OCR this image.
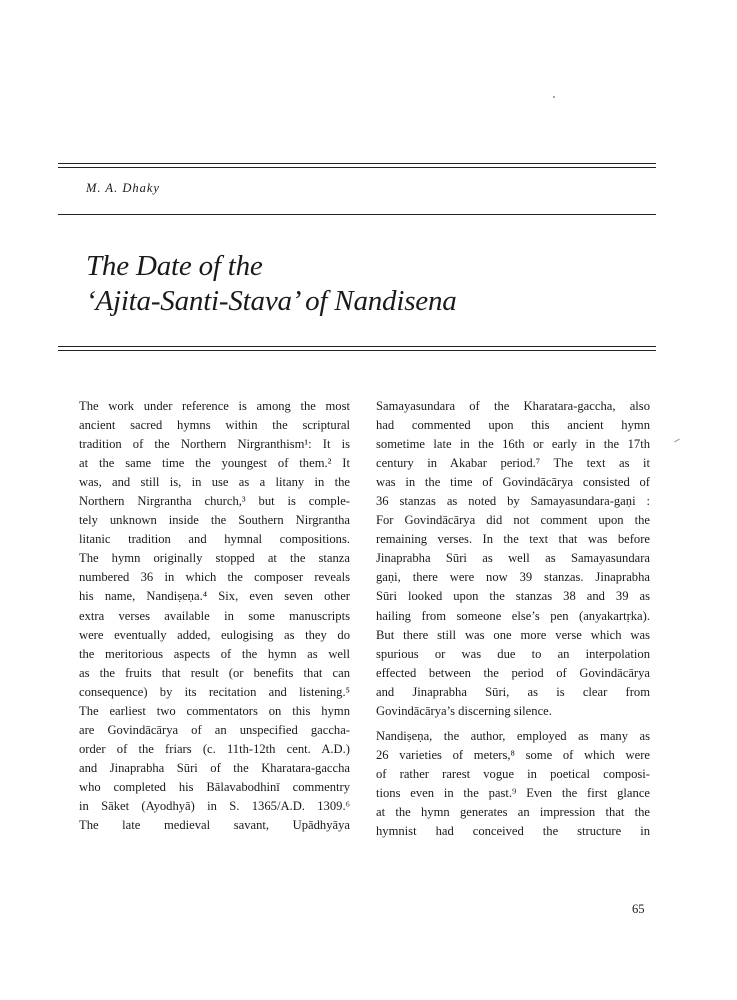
M. A. Dhaky

The Date of the
‘Ajita-Santi-Stava’ of Nandisena

The work under reference is among the most
ancient sacred hymns within the scriptural
tradition of the Northern Nirgranthism¹: It is
at the same time the youngest of them.² It
was, and still is, in use as a litany in the
Northern Nirgrantha church,³ but is comple-
tely unknown inside the Southern Nirgrantha
litanic tradition and hymnal compositions.
The hymn originally stopped at the stanza
numbered 36 in which the composer reveals
his name, Nandiṣeṇa.⁴ Six, even seven other
extra verses available in some manuscripts
were eventually added, eulogising as they do
the meritorious aspects of the hymn as well
as the fruits that result (or benefits that can
consequence) by its recitation and listening.⁵
The earliest two commentators on this hymn
are Govindācārya of an unspecified gaccha-
order of the friars (c. 11th-12th cent. A.D.)
and Jinaprabha Sūri of the Kharatara-gaccha
who completed his Bālavabodhinī commentry
in Sāket (Ayodhyā) in S. 1365/A.D. 1309.⁶
The late medieval savant, Upādhyāya

Samayasundara of the Kharatara-gaccha, also
had commented upon this ancient hymn
sometime late in the 16th or early in the 17th
century in Akabar period.⁷ The text as it
was in the time of Govindācārya consisted of
36 stanzas as noted by Samayasundara-gaṇi :
For Govindācārya did not comment upon the
remaining verses. In the text that was before
Jinaprabha Sūri as well as Samayasundara
gaṇi, there were now 39 stanzas. Jinaprabha
Sūri looked upon the stanzas 38 and 39 as
hailing from someone else’s pen (anyakartṛka).
But there still was one more verse which was
spurious or was due to an interpolation
effected between the period of Govindācārya
and Jinaprabha Sūri, as is clear from
Govindācārya’s discerning silence.

Nandiṣeṇa, the author, employed as many as
26 varieties of meters,⁸ some of which were
of rather rarest vogue in poetical composi-
tions even in the past.⁹ Even the first glance
at the hymn generates an impression that the
hymnist had conceived the structure in

65
